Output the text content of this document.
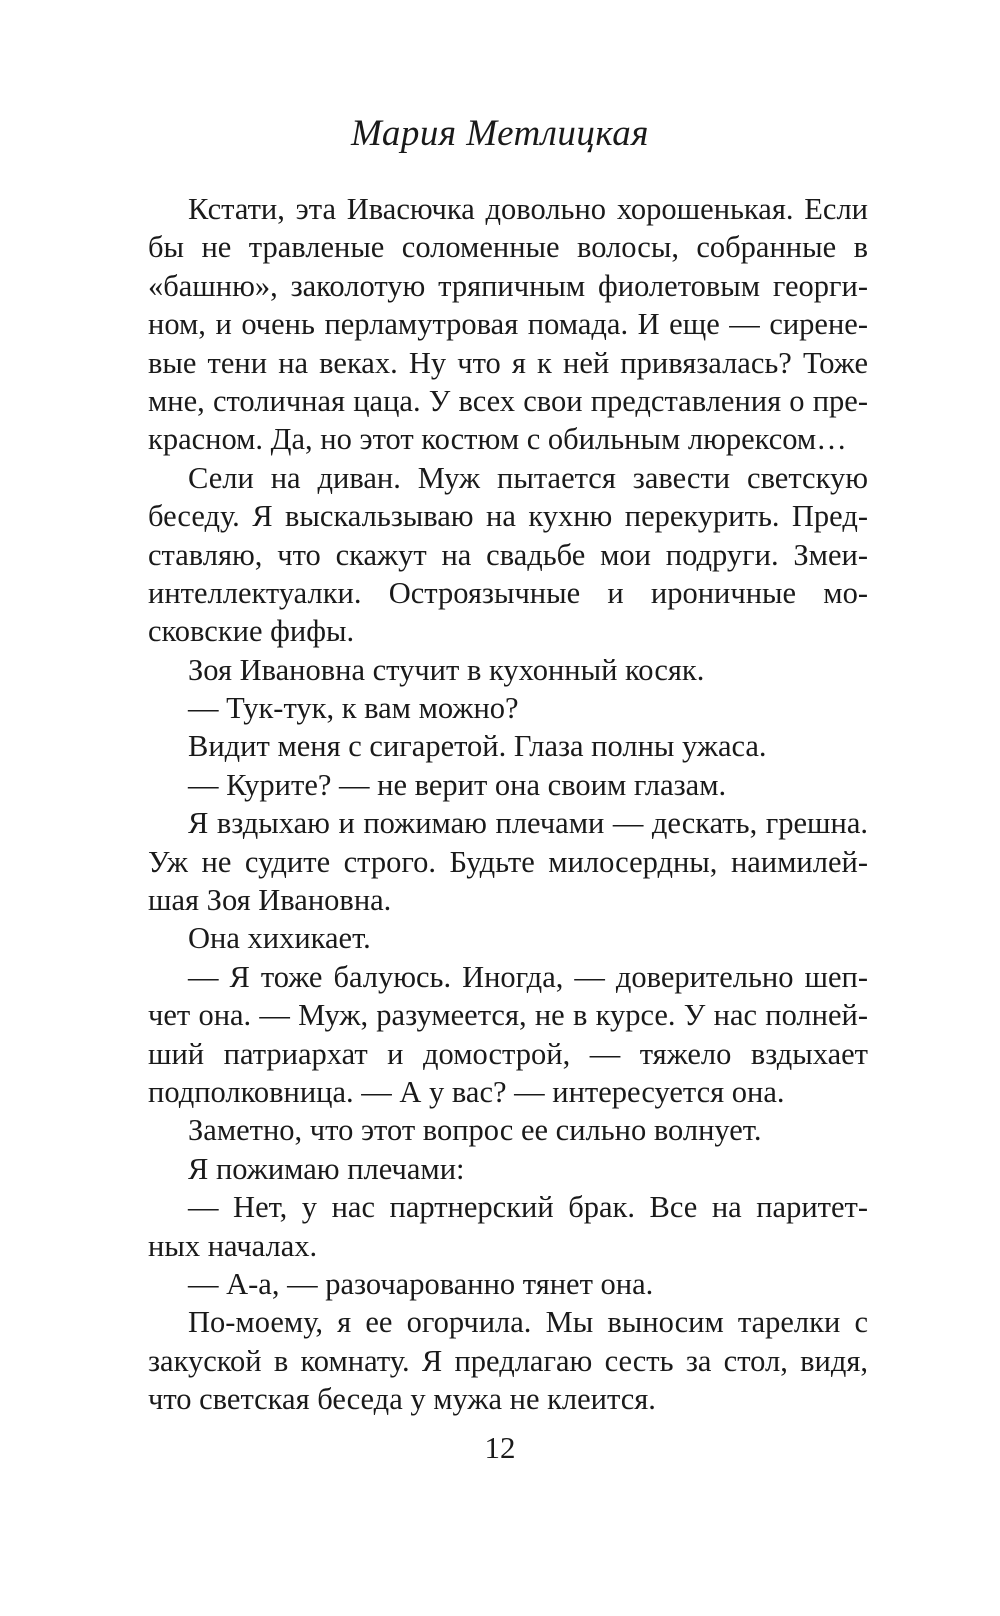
Мария Метлицкая
Кстати, эта Ивасючка довольно хорошенькая. Если
бы не травленые соломенные волосы, собранные в
«башню», заколотую тряпичным фиолетовым георги-
ном, и очень перламутровая помада. И еще — сирене-
вые тени на веках. Ну что я к ней привязалась? Тоже
мне, столичная цаца. У всех свои представления о пре-
красном. Да, но этот костюм с обильным люрексом…
Сели на диван. Муж пытается завести светскую
беседу. Я выскальзываю на кухню перекурить. Пред-
ставляю, что скажут на свадьбе мои подруги. Змеи-
интеллектуалки. Остроязычные и ироничные мо-
сковские фифы.
Зоя Ивановна стучит в кухонный косяк.
— Тук-тук, к вам можно?
Видит меня с сигаретой. Глаза полны ужаса.
— Курите? — не верит она своим глазам.
Я вздыхаю и пожимаю плечами — дескать, грешна.
Уж не судите строго. Будьте милосердны, наимилей-
шая Зоя Ивановна.
Она хихикает.
— Я тоже балуюсь. Иногда, — доверительно шеп-
чет она. — Муж, разумеется, не в курсе. У нас полней-
ший патриархат и домострой, — тяжело вздыхает
подполковница. — А у вас? — интересуется она.
Заметно, что этот вопрос ее сильно волнует.
Я пожимаю плечами:
— Нет, у нас партнерский брак. Все на паритет-
ных началах.
— А-а, — разочарованно тянет она.
По-моему, я ее огорчила. Мы выносим тарелки с
закуской в комнату. Я предлагаю сесть за стол, видя,
что светская беседа у мужа не клеится.
12
